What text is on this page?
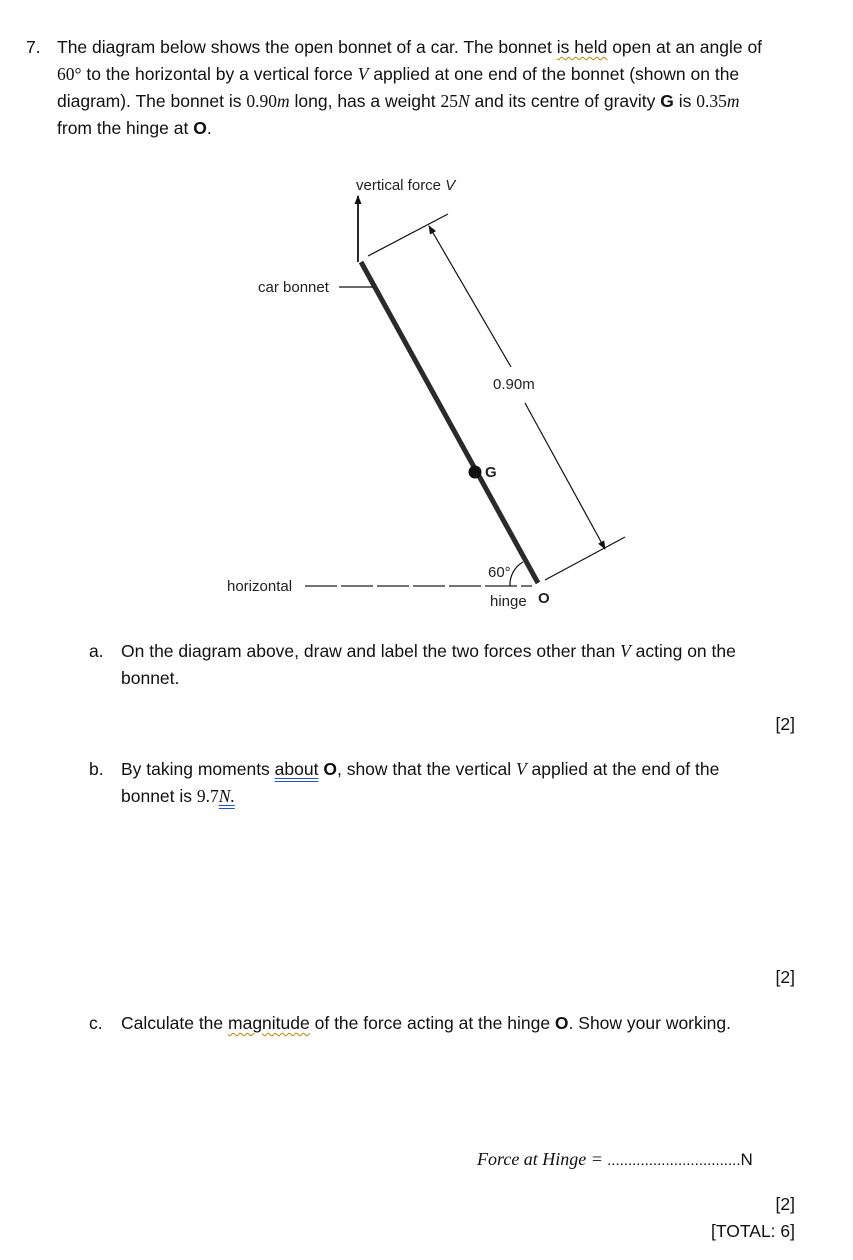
7. The diagram below shows the open bonnet of a car. The bonnet is held open at an angle of
60° to the horizontal by a vertical force V applied at one end of the bonnet (shown on the diagram). The bonnet is 0.90m long, has a weight 25N and its centre of gravity G is 0.35m
from the hinge at O.
vertical force V
car bonnet
0.90m
G
horizontal
60°
hinge O
a. On the diagram above, draw and label the two forces other than V acting on the bonnet.
[2]
b. By taking moments about O, show that the vertical V applied at the end of the
bonnet is 9.7N.
[2]
c. Calculate the magnitude of the force acting at the hinge O. Show your working.
Force at Hinge = ................................N
[2]
[TOTAL: 6]
